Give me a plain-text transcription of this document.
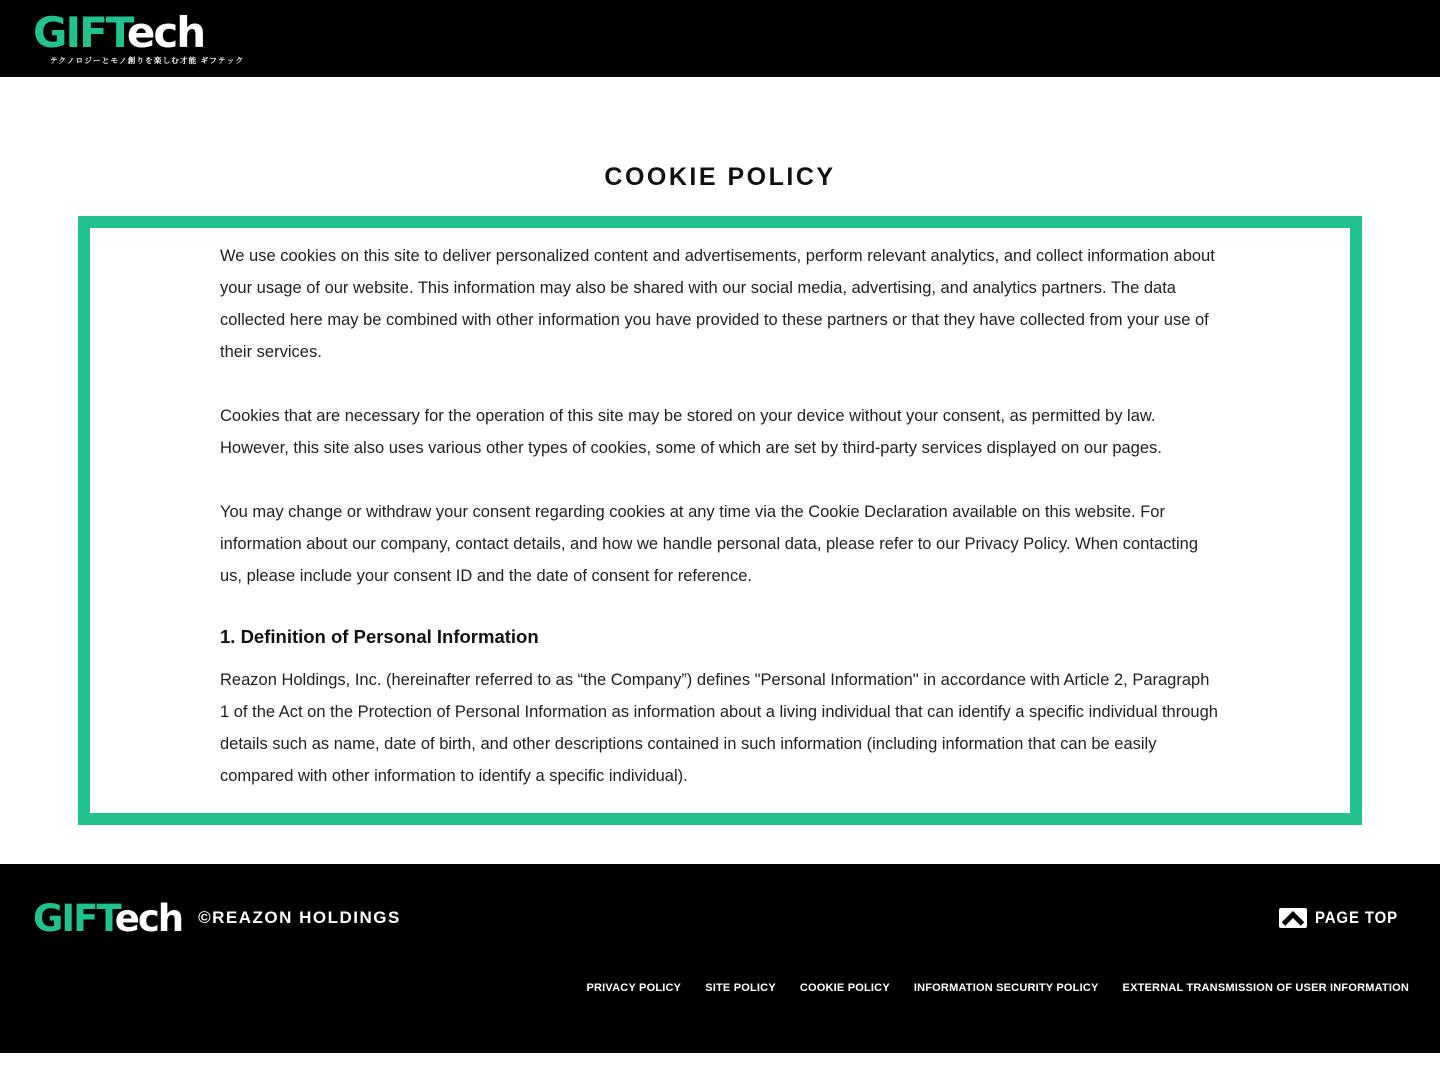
GIFTech
テクノロジーとモノ創りを楽しむ才能 ギフテック
COOKIE POLICY

We use cookies on this site to deliver personalized content and advertisements, perform relevant analytics, and collect information about your usage of our website. This information may also be shared with our social media, advertising, and analytics partners. The data collected here may be combined with other information you have provided to these partners or that they have collected from your use of their services.

Cookies that are necessary for the operation of this site may be stored on your device without your consent, as permitted by law. However, this site also uses various other types of cookies, some of which are set by third-party services displayed on our pages.

You may change or withdraw your consent regarding cookies at any time via the Cookie Declaration available on this website. For information about our company, contact details, and how we handle personal data, please refer to our Privacy Policy. When contacting us, please include your consent ID and the date of consent for reference.

1. Definition of Personal Information

Reazon Holdings, Inc. (hereinafter referred to as “the Company”) defines "Personal Information" in accordance with Article 2, Paragraph 1 of the Act on the Protection of Personal Information as information about a living individual that can identify a specific individual through details such as name, date of birth, and other descriptions contained in such information (including information that can be easily compared with other information to identify a specific individual).

GIFTech ©REAZON HOLDINGS	PAGE TOP
PRIVACY POLICY SITE POLICY COOKIE POLICY INFORMATION SECURITY POLICY EXTERNAL TRANSMISSION OF USER INFORMATION
